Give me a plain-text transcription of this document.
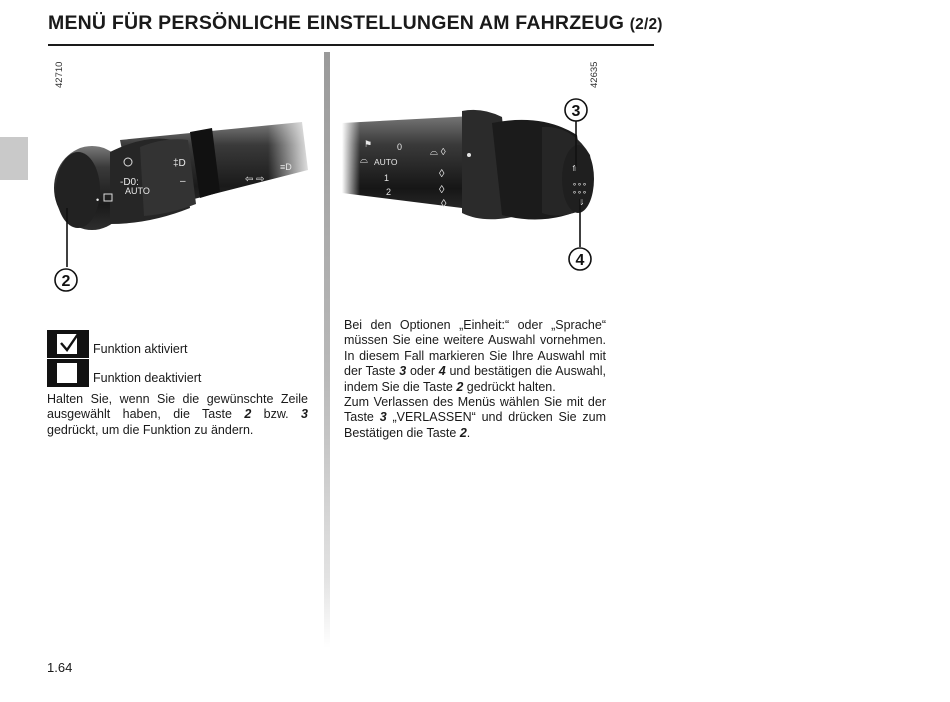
MENÜ FÜR PERSÖNLICHE EINSTELLUNGEN AM FAHRZEUG (2/2)
42710
-D0:
AUTO
•
‡D
–	⇦ ⇨
≡D
2
42635
⚑
⌓ AUTO
0
1
2
⌓ ◊
◊
◊
◊
⇑
∘∘∘
∘∘∘
⇓
3
4
Funktion aktiviert
Funktion deaktiviert
Halten Sie, wenn Sie die gewünschte Zeile ausgewählt haben, die Taste 2 bzw. 3 gedrückt, um die Funktion zu ändern.
Bei den Optionen „Einheit:“ oder „Sprache“ müssen Sie eine weitere Auswahl vornehmen. In diesem Fall markieren Sie Ihre Auswahl mit der Taste 3 oder 4 und bestätigen die Auswahl, indem Sie die Taste 2 gedrückt halten.
Zum Verlassen des Menüs wählen Sie mit der Taste 3 „VERLASSEN“ und drücken Sie zum Bestätigen die Taste 2.
1.64
